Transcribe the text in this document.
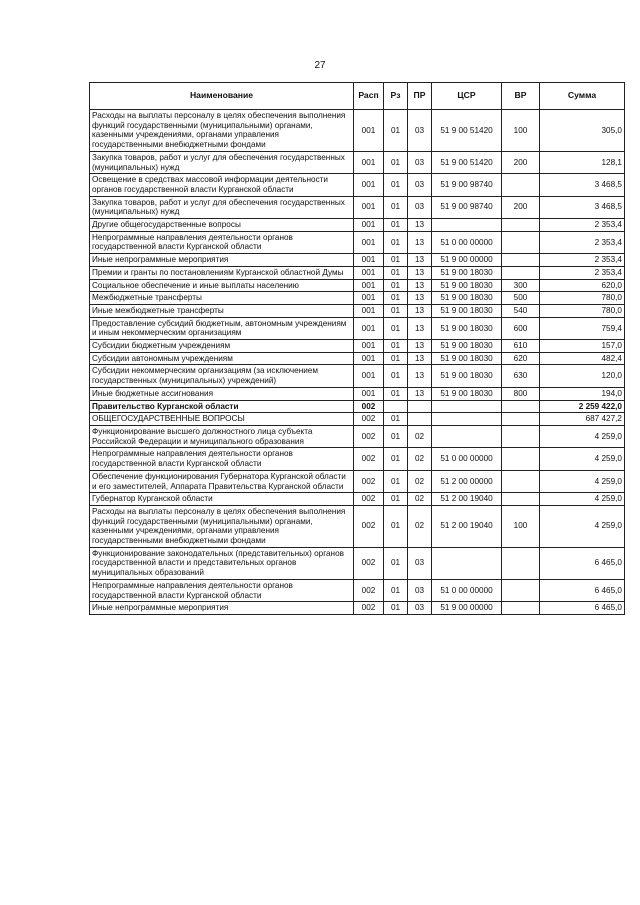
27
Наименование	Расп	Рз	ПР	ЦСР	ВР	Сумма
Расходы на выплаты персоналу в целях обеспечения выполнения функций государственными (муниципальными) органами, казенными учреждениями, органами управления государственными внебюджетными фондами	001	01	03	51 9 00 51420	100	305,0
Закупка товаров, работ и услуг для обеспечения государственных (муниципальных) нужд	001	01	03	51 9 00 51420	200	128,1
Освещение в средствах массовой информации деятельности органов государственной власти Курганской области	001	01	03	51 9 00 98740		3 468,5
Закупка товаров, работ и услуг для обеспечения государственных (муниципальных) нужд	001	01	03	51 9 00 98740	200	3 468,5
Другие общегосударственные вопросы	001	01	13			2 353,4
Непрограммные направления деятельности органов государственной власти Курганской области	001	01	13	51 0 00 00000		2 353,4
Иные непрограммные мероприятия	001	01	13	51 9 00 00000		2 353,4
Премии и гранты по постановлениям Курганской областной Думы	001	01	13	51 9 00 18030		2 353,4
Социальное обеспечение и иные выплаты населению	001	01	13	51 9 00 18030	300	620,0
Межбюджетные трансферты	001	01	13	51 9 00 18030	500	780,0
Иные межбюджетные трансферты	001	01	13	51 9 00 18030	540	780,0
Предоставление субсидий бюджетным, автономным учреждениям и иным некоммерческим организациям	001	01	13	51 9 00 18030	600	759,4
Субсидии бюджетным учреждениям	001	01	13	51 9 00 18030	610	157,0
Субсидии автономным учреждениям	001	01	13	51 9 00 18030	620	482,4
Субсидии некоммерческим организациям (за исключением государственных (муниципальных) учреждений)	001	01	13	51 9 00 18030	630	120,0
Иные бюджетные ассигнования	001	01	13	51 9 00 18030	800	194,0
Правительство Курганской области	002					2 259 422,0
ОБЩЕГОСУДАРСТВЕННЫЕ ВОПРОСЫ	002	01				687 427,2
Функционирование высшего должностного лица субъекта Российской Федерации и муниципального образования	002	01	02			4 259,0
Непрограммные направления деятельности органов государственной власти Курганской области	002	01	02	51 0 00 00000		4 259,0
Обеспечение функционирования Губернатора Курганской области и его заместителей, Аппарата Правительства Курганской области	002	01	02	51 2 00 00000		4 259,0
Губернатор Курганской области	002	01	02	51 2 00 19040		4 259,0
Расходы на выплаты персоналу в целях обеспечения выполнения функций государственными (муниципальными) органами, казенными учреждениями, органами управления государственными внебюджетными фондами	002	01	02	51 2 00 19040	100	4 259,0
Функционирование законодательных (представительных) органов государственной власти и представительных органов муниципальных образований	002	01	03			6 465,0
Непрограммные направления деятельности органов государственной власти Курганской области	002	01	03	51 0 00 00000		6 465,0
Иные непрограммные мероприятия	002	01	03	51 9 00 00000		6 465,0
